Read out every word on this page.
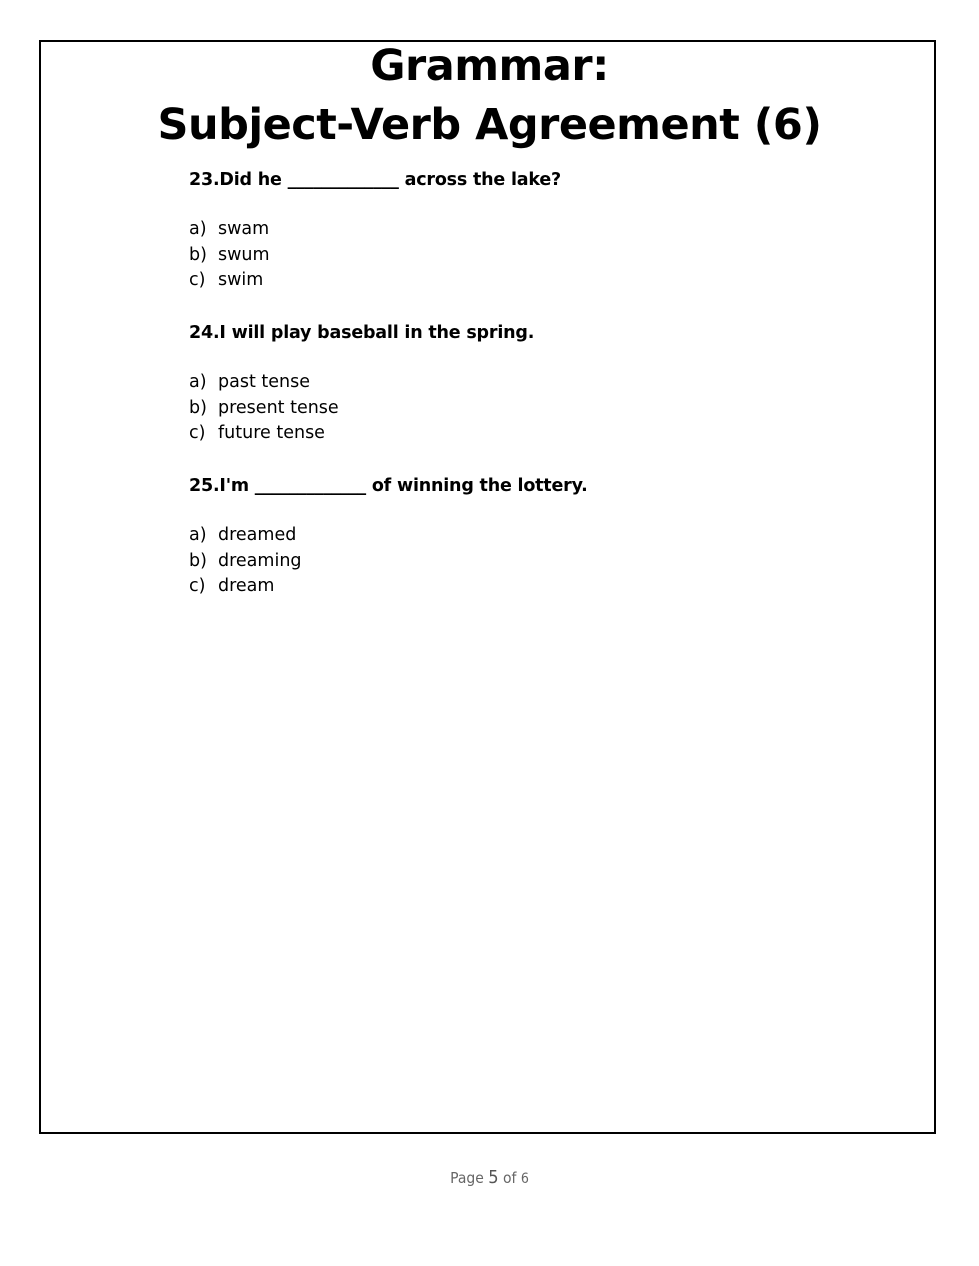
Grammar:
Subject-Verb Agreement (6)
23.Did he _____________ across the lake?
a) swam
b) swum
c) swim
24.I will play baseball in the spring.
a) past tense
b) present tense
c) future tense
25.I'm _____________ of winning the lottery.
a) dreamed
b) dreaming
c) dream
Page 5 of 6
